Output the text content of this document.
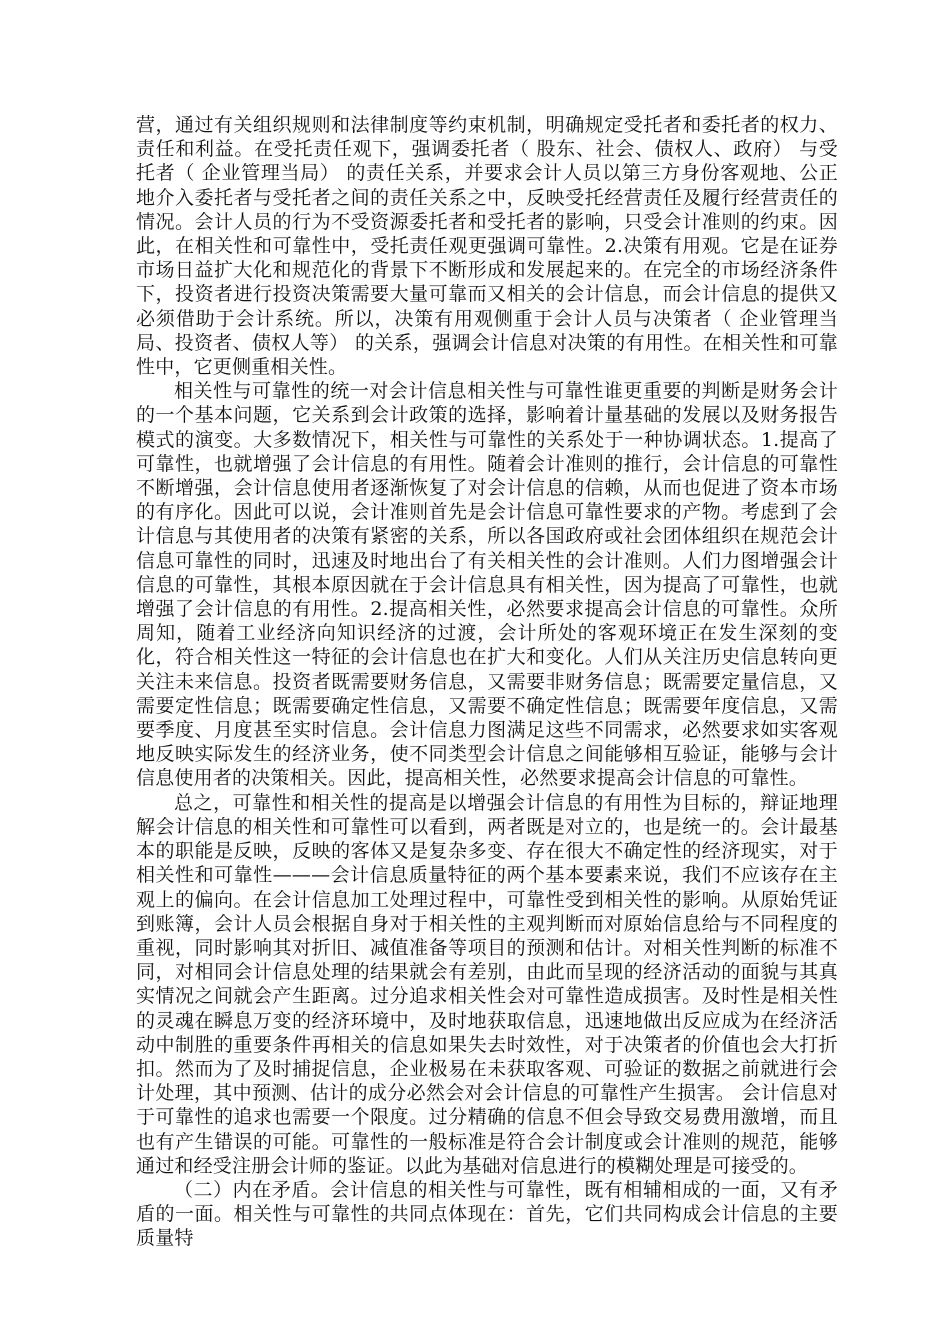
营，通过有关组织规则和法律制度等约束机制，明确规定受托者和委托者的权力、责任和利益。在受托责任观下，强调委托者（ 股东、社会、债权人、政府） 与受托者（ 企业管理当局） 的责任关系，并要求会计人员以第三方身份客观地、公正地介入委托者与受托者之间的责任关系之中，反映受托经营责任及履行经营责任的情况。会计人员的行为不受资源委托者和受托者的影响，只受会计准则的约束。因此，在相关性和可靠性中，受托责任观更强调可靠性。2.决策有用观。它是在证券市场日益扩大化和规范化的背景下不断形成和发展起来的。在完全的市场经济条件下，投资者进行投资决策需要大量可靠而又相关的会计信息，而会计信息的提供又必须借助于会计系统。所以，决策有用观侧重于会计人员与决策者（ 企业管理当局、投资者、债权人等） 的关系，强调会计信息对决策的有用性。在相关性和可靠性中，它更侧重相关性。

相关性与可靠性的统一对会计信息相关性与可靠性谁更重要的判断是财务会计的一个基本问题，它关系到会计政策的选择，影响着计量基础的发展以及财务报告模式的演变。大多数情况下，相关性与可靠性的关系处于一种协调状态。1.提高了可靠性，也就增强了会计信息的有用性。随着会计准则的推行，会计信息的可靠性不断增强，会计信息使用者逐渐恢复了对会计信息的信赖，从而也促进了资本市场的有序化。因此可以说，会计准则首先是会计信息可靠性要求的产物。考虑到了会计信息与其使用者的决策有紧密的关系，所以各国政府或社会团体组织在规范会计信息可靠性的同时，迅速及时地出台了有关相关性的会计准则。人们力图增强会计信息的可靠性，其根本原因就在于会计信息具有相关性，因为提高了可靠性，也就增强了会计信息的有用性。2.提高相关性，必然要求提高会计信息的可靠性。众所周知，随着工业经济向知识经济的过渡，会计所处的客观环境正在发生深刻的变化，符合相关性这一特征的会计信息也在扩大和变化。人们从关注历史信息转向更关注未来信息。投资者既需要财务信息，又需要非财务信息；既需要定量信息，又需要定性信息；既需要确定性信息，又需要不确定性信息；既需要年度信息，又需要季度、月度甚至实时信息。会计信息力图满足这些不同需求，必然要求如实客观地反映实际发生的经济业务，使不同类型会计信息之间能够相互验证，能够与会计信息使用者的决策相关。因此，提高相关性，必然要求提高会计信息的可靠性。

总之，可靠性和相关性的提高是以增强会计信息的有用性为目标的，辩证地理解会计信息的相关性和可靠性可以看到，两者既是对立的，也是统一的。会计最基本的职能是反映，反映的客体又是复杂多变、存在很大不确定性的经济现实，对于相关性和可靠性———会计信息质量特征的两个基本要素来说，我们不应该存在主观上的偏向。在会计信息加工处理过程中，可靠性受到相关性的影响。从原始凭证到账簿，会计人员会根据自身对于相关性的主观判断而对原始信息给与不同程度的重视，同时影响其对折旧、减值准备等项目的预测和估计。对相关性判断的标准不同，对相同会计信息处理的结果就会有差别，由此而呈现的经济活动的面貌与其真实情况之间就会产生距离。过分追求相关性会对可靠性造成损害。及时性是相关性的灵魂在瞬息万变的经济环境中，及时地获取信息，迅速地做出反应成为在经济活动中制胜的重要条件再相关的信息如果失去时效性，对于决策者的价值也会大打折扣。然而为了及时捕捉信息，企业极易在未获取客观、可验证的数据之前就进行会计处理，其中预测、估计的成分必然会对会计信息的可靠性产生损害。 会计信息对于可靠性的追求也需要一个限度。过分精确的信息不但会导致交易费用激增，而且也有产生错误的可能。可靠性的一般标准是符合会计制度或会计准则的规范，能够通过和经受注册会计师的鉴证。以此为基础对信息进行的模糊处理是可接受的。

（二）内在矛盾。会计信息的相关性与可靠性，既有相辅相成的一面，又有矛盾的一面。相关性与可靠性的共同点体现在：首先，它们共同构成会计信息的主要质量特
